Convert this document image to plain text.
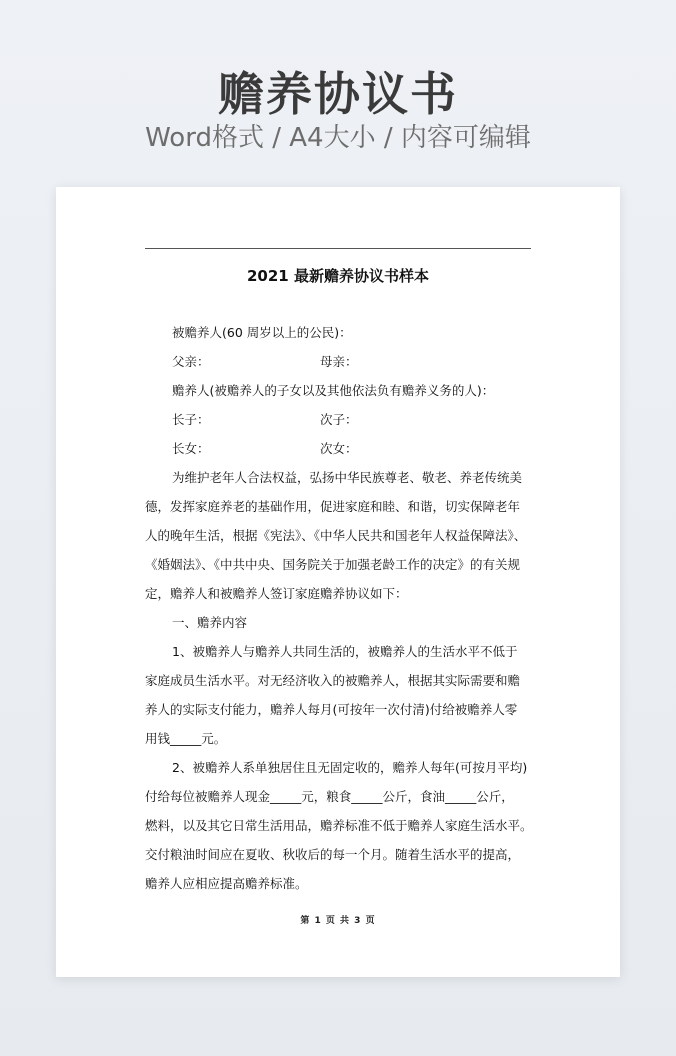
赡养协议书
Word格式 / A4大小 / 内容可编辑
2021 最新赡养协议书样本
被赡养人(60 周岁以上的公民)：
父亲：	母亲：
赡养人(被赡养人的子女以及其他依法负有赡养义务的人)：
长子：	次子：
长女：	次女：
为维护老年人合法权益，弘扬中华民族尊老、敬老、养老传统美
德，发挥家庭养老的基础作用，促进家庭和睦、和谐，切实保障老年
人的晚年生活，根据《宪法》、《中华人民共和国老年人权益保障法》、
《婚姻法》、《中共中央、国务院关于加强老龄工作的决定》的有关规
定，赡养人和被赡养人签订家庭赡养协议如下：
一、赡养内容
1、被赡养人与赡养人共同生活的，被赡养人的生活水平不低于
家庭成员生活水平。对无经济收入的被赡养人，根据其实际需要和赡
养人的实际支付能力，赡养人每月(可按年一次付清)付给被赡养人零
用钱_____元。
2、被赡养人系单独居住且无固定收的，赡养人每年(可按月平均)
付给每位被赡养人现金_____元，粮食_____公斤，食油_____公斤，
燃料，以及其它日常生活用品，赡养标准不低于赡养人家庭生活水平。
交付粮油时间应在夏收、秋收后的每一个月。随着生活水平的提高，
赡养人应相应提高赡养标准。
第 1 页 共 3 页
